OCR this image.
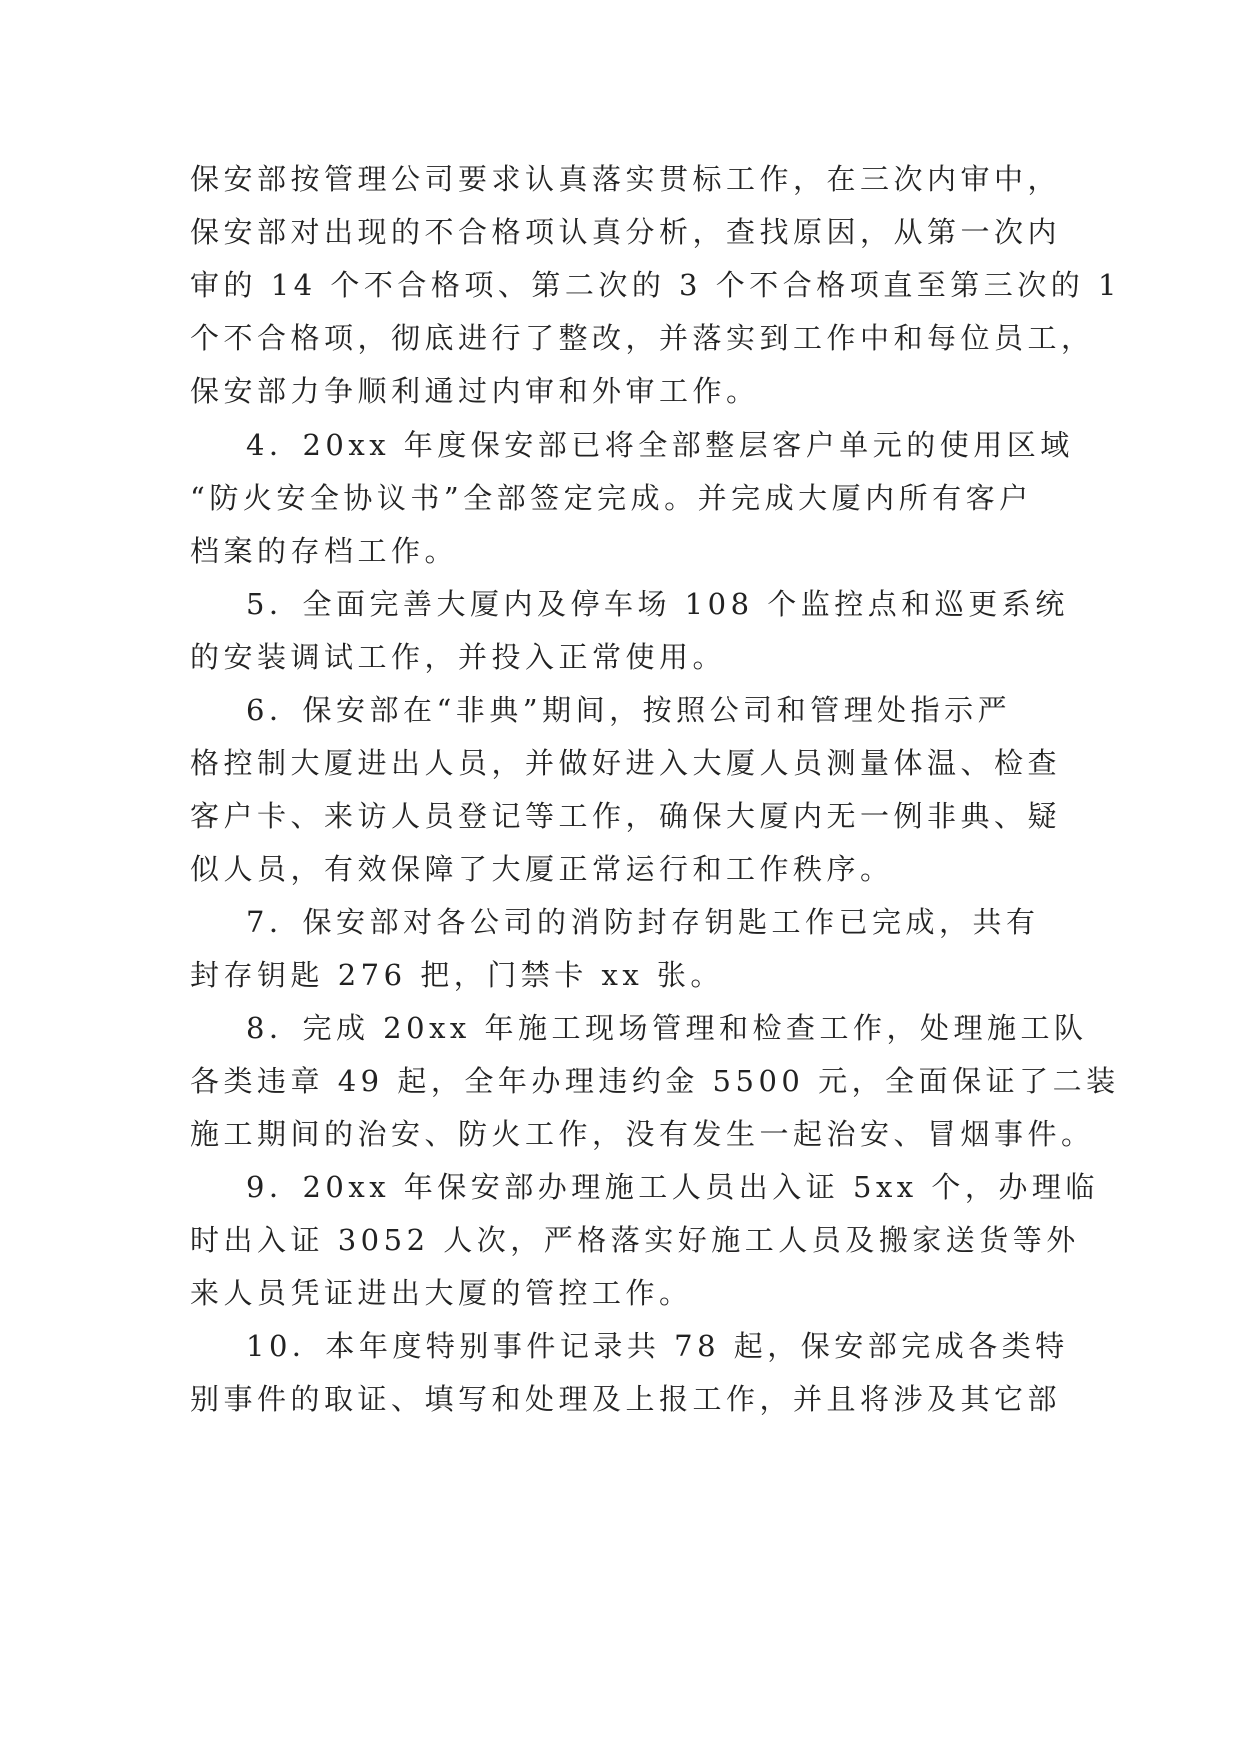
保安部按管理公司要求认真落实贯标工作，在三次内审中，
保安部对出现的不合格项认真分析，查找原因，从第一次内
审的 14 个不合格项、第二次的 3 个不合格项直至第三次的 1
个不合格项，彻底进行了整改，并落实到工作中和每位员工，
保安部力争顺利通过内审和外审工作。
4．20xx 年度保安部已将全部整层客户单元的使用区域
“防火安全协议书”全部签定完成。并完成大厦内所有客户
档案的存档工作。
5．全面完善大厦内及停车场 108 个监控点和巡更系统
的安装调试工作，并投入正常使用。
6．保安部在“非典”期间，按照公司和管理处指示严
格控制大厦进出人员，并做好进入大厦人员测量体温、检查
客户卡、来访人员登记等工作，确保大厦内无一例非典、疑
似人员，有效保障了大厦正常运行和工作秩序。
7．保安部对各公司的消防封存钥匙工作已完成，共有
封存钥匙 276 把，门禁卡 xx 张。
8．完成 20xx 年施工现场管理和检查工作，处理施工队
各类违章 49 起，全年办理违约金 5500 元，全面保证了二装
施工期间的治安、防火工作，没有发生一起治安、冒烟事件。
9．20xx 年保安部办理施工人员出入证 5xx 个，办理临
时出入证 3052 人次，严格落实好施工人员及搬家送货等外
来人员凭证进出大厦的管控工作。
10．本年度特别事件记录共 78 起，保安部完成各类特
别事件的取证、填写和处理及上报工作，并且将涉及其它部
